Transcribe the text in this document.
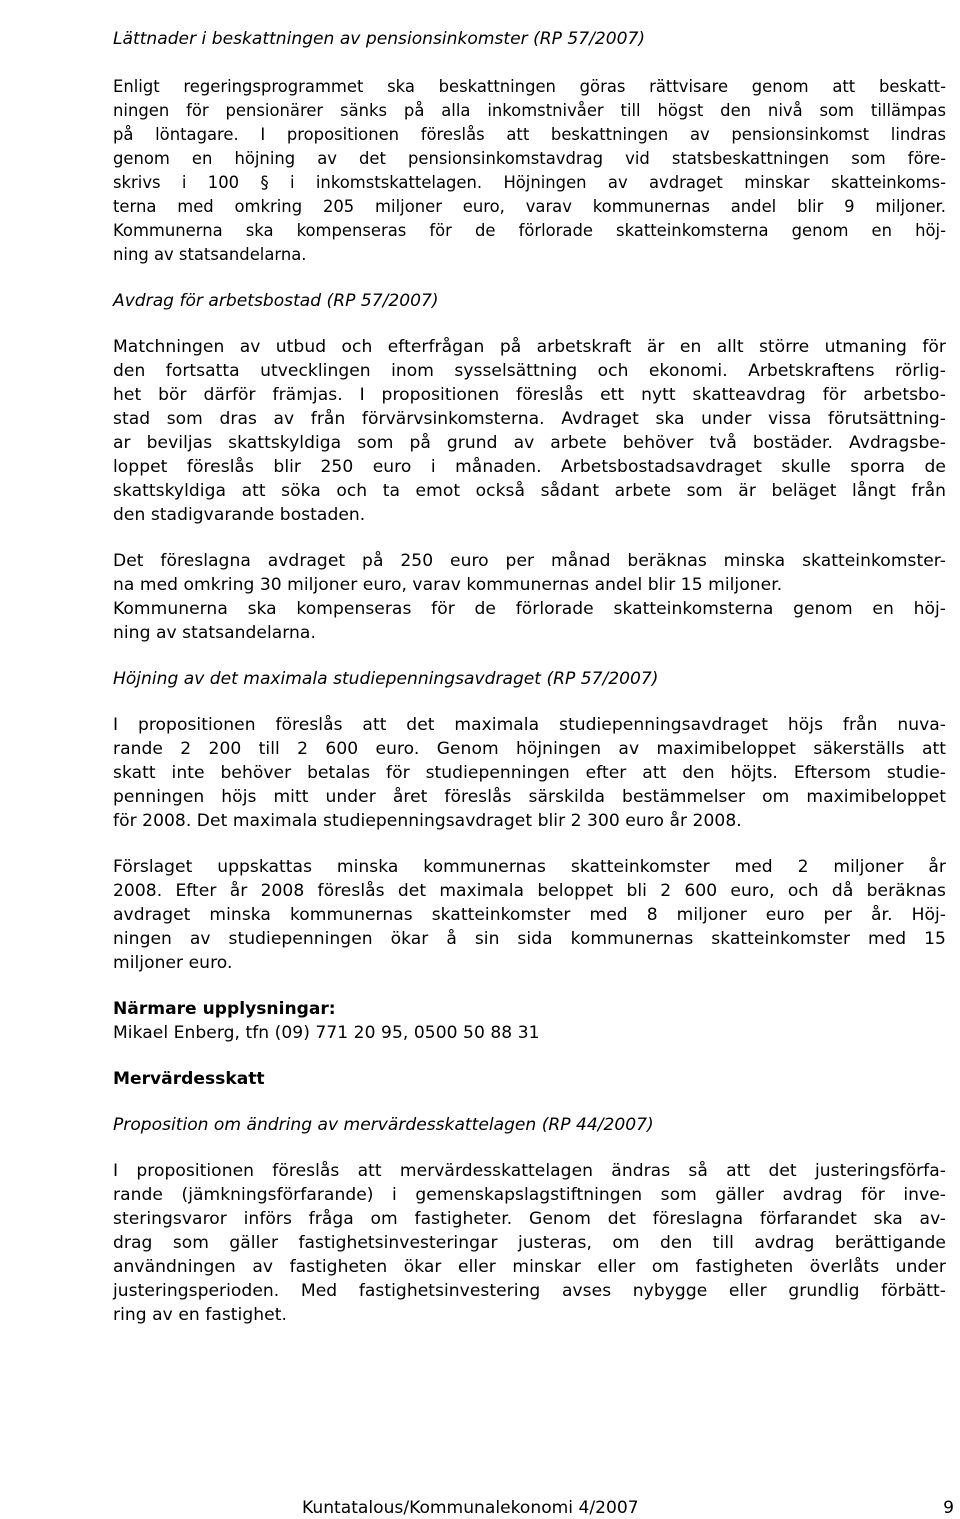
Lättnader i beskattningen av pensionsinkomster (RP 57/2007)

Enligt regeringsprogrammet ska beskattningen göras rättvisare genom att beskatt-
ningen för pensionärer sänks på alla inkomstnivåer till högst den nivå som tillämpas
på löntagare. I propositionen föreslås att beskattningen av pensionsinkomst lindras
genom en höjning av det pensionsinkomstavdrag vid statsbeskattningen som före-
skrivs i 100 § i inkomstskattelagen. Höjningen av avdraget minskar skatteinkoms-
terna med omkring 205 miljoner euro, varav kommunernas andel blir 9 miljoner.
Kommunerna ska kompenseras för de förlorade skatteinkomsterna genom en höj-
ning av statsandelarna.

Avdrag för arbetsbostad (RP 57/2007)

Matchningen av utbud och efterfrågan på arbetskraft är en allt större utmaning för
den fortsatta utvecklingen inom sysselsättning och ekonomi. Arbetskraftens rörlig-
het bör därför främjas. I propositionen föreslås ett nytt skatteavdrag för arbetsbo-
stad som dras av från förvärvsinkomsterna. Avdraget ska under vissa förutsättning-
ar beviljas skattskyldiga som på grund av arbete behöver två bostäder. Avdragsbe-
loppet föreslås blir 250 euro i månaden. Arbetsbostadsavdraget skulle sporra de
skattskyldiga att söka och ta emot också sådant arbete som är beläget långt från
den stadigvarande bostaden.
Det föreslagna avdraget på 250 euro per månad beräknas minska skatteinkomster-
na med omkring 30 miljoner euro, varav kommunernas andel blir 15 miljoner.
Kommunerna ska kompenseras för de förlorade skatteinkomsterna genom en höj-
ning av statsandelarna.

Höjning av det maximala studiepenningsavdraget (RP 57/2007)

I propositionen föreslås att det maximala studiepenningsavdraget höjs från nuva-
rande 2 200 till 2 600 euro. Genom höjningen av maximibeloppet säkerställs att
skatt inte behöver betalas för studiepenningen efter att den höjts. Eftersom studie-
penningen höjs mitt under året föreslås särskilda bestämmelser om maximibeloppet
för 2008. Det maximala studiepenningsavdraget blir 2 300 euro år 2008.
Förslaget uppskattas minska kommunernas skatteinkomster med 2 miljoner år
2008. Efter år 2008 föreslås det maximala beloppet bli 2 600 euro, och då beräknas
avdraget minska kommunernas skatteinkomster med 8 miljoner euro per år. Höj-
ningen av studiepenningen ökar å sin sida kommunernas skatteinkomster med 15
miljoner euro.

Närmare upplysningar:

Mikael Enberg, tfn (09) 771 20 95, 0500 50 88 31

Mervärdesskatt

Proposition om ändring av mervärdesskattelagen (RP 44/2007)

I propositionen föreslås att mervärdesskattelagen ändras så att det justeringsförfa-
rande (jämkningsförfarande) i gemenskapslagstiftningen som gäller avdrag för inve-
steringsvaror införs fråga om fastigheter. Genom det föreslagna förfarandet ska av-
drag som gäller fastighetsinvesteringar justeras, om den till avdrag berättigande
användningen av fastigheten ökar eller minskar eller om fastigheten överlåts under
justeringsperioden. Med fastighetsinvestering avses nybygge eller grundlig förbätt-
ring av en fastighet.
Kuntatalous/Kommunalekonomi 4/2007	9
